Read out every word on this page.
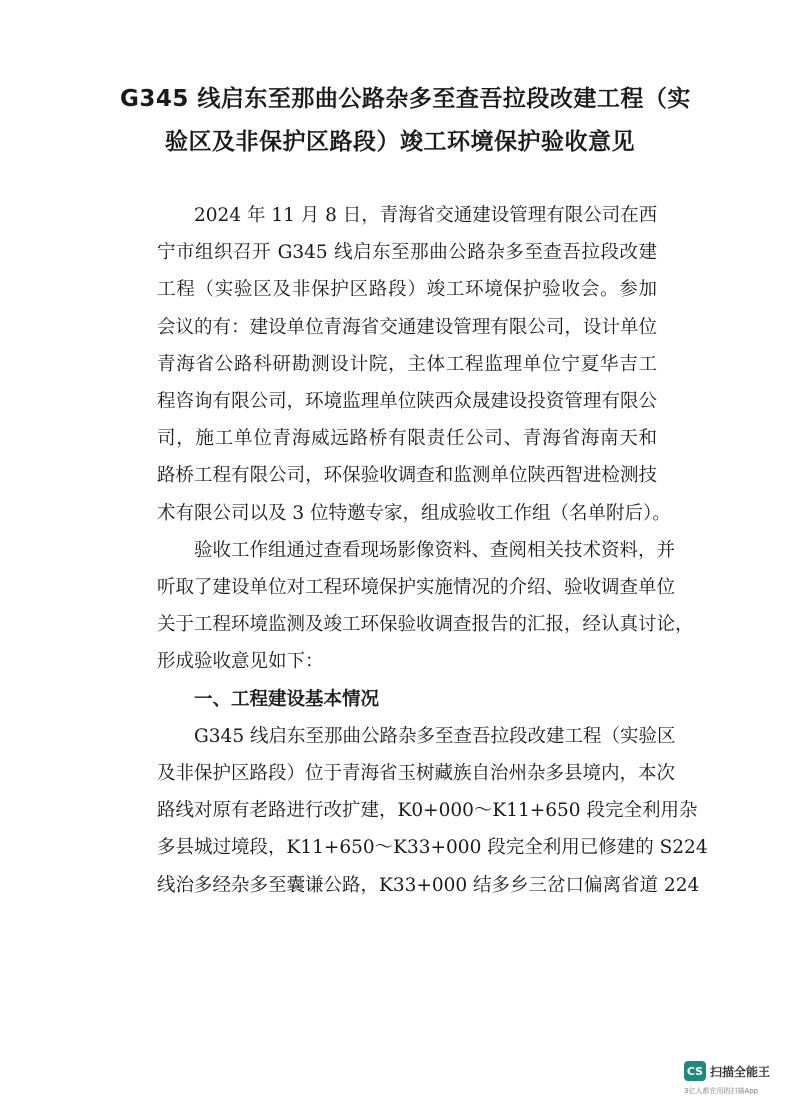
G345 线启东至那曲公路杂多至查吾拉段改建工程（实
验区及非保护区路段）竣工环境保护验收意见
2024 年 11 月 8 日，青海省交通建设管理有限公司在西
宁市组织召开 G345 线启东至那曲公路杂多至查吾拉段改建
工程（实验区及非保护区路段）竣工环境保护验收会。参加
会议的有：建设单位青海省交通建设管理有限公司，设计单位
青海省公路科研勘测设计院，主体工程监理单位宁夏华吉工
程咨询有限公司，环境监理单位陕西众晟建设投资管理有限公
司，施工单位青海威远路桥有限责任公司、青海省海南天和
路桥工程有限公司，环保验收调查和监测单位陕西智进检测技
术有限公司以及 3 位特邀专家，组成验收工作组（名单附后）。
验收工作组通过查看现场影像资料、查阅相关技术资料，并
听取了建设单位对工程环境保护实施情况的介绍、验收调查单位
关于工程环境监测及竣工环保验收调查报告的汇报，经认真讨论，
形成验收意见如下：
一、工程建设基本情况
G345 线启东至那曲公路杂多至查吾拉段改建工程（实验区
及非保护区路段）位于青海省玉树藏族自治州杂多县境内，本次
路线对原有老路进行改扩建，K0+000～K11+650 段完全利用杂
多县城过境段，K11+650～K33+000 段完全利用已修建的 S224
线治多经杂多至囊谦公路，K33+000 结多乡三岔口偏离省道 224
CS 扫描全能王
3亿人都在用的扫描App
